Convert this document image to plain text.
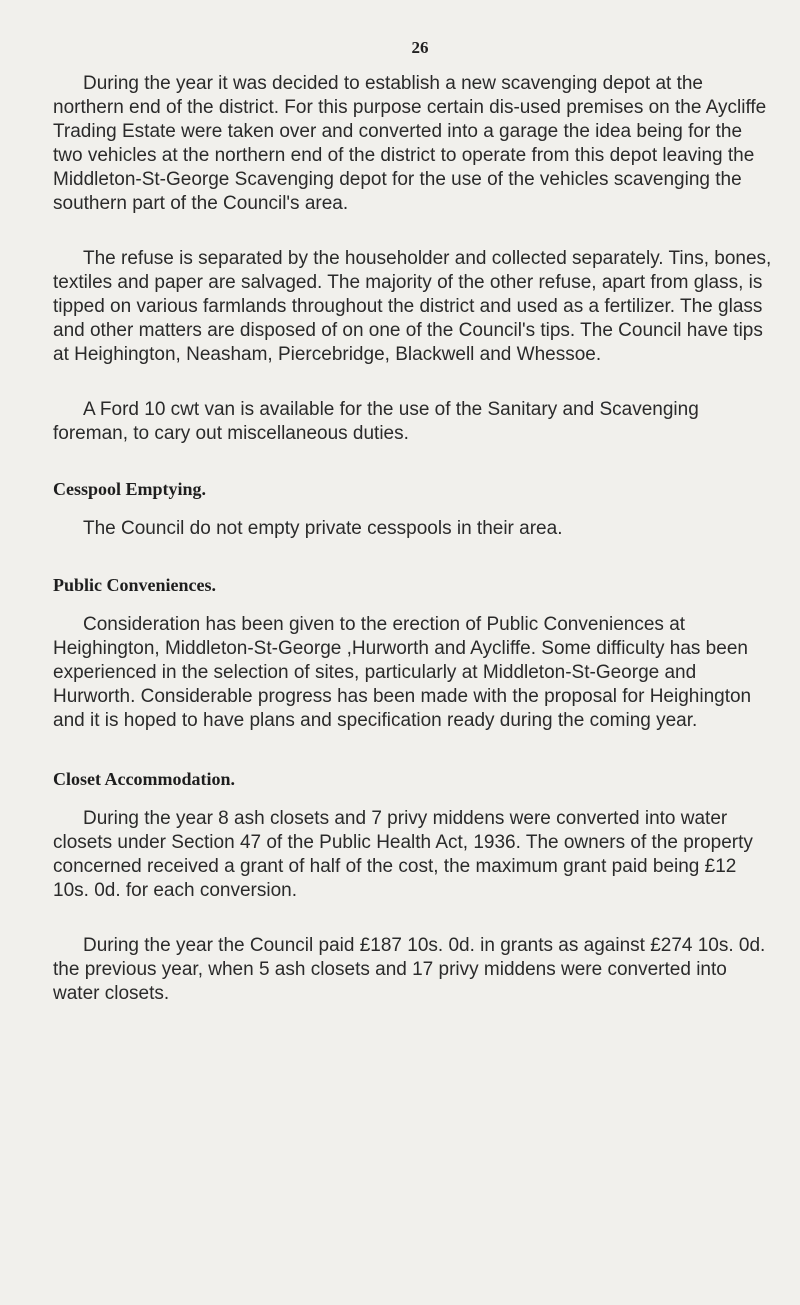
26

During the year it was decided to establish a new scavenging depot at the northern end of the district. For this purpose certain dis-used premises on the Aycliffe Trading Estate were taken over and converted into a garage the idea being for the two vehicles at the northern end of the district to operate from this depot leaving the Middleton-St-George Scavenging depot for the use of the vehicles scavenging the southern part of the Council's area.

The refuse is separated by the householder and collected separately. Tins, bones, textiles and paper are salvaged. The majority of the other refuse, apart from glass, is tipped on various farmlands throughout the district and used as a fertilizer. The glass and other matters are disposed of on one of the Council's tips. The Council have tips at Heighington, Neasham, Piercebridge, Blackwell and Whessoe.

A Ford 10 cwt van is available for the use of the Sanitary and Scavenging foreman, to cary out miscellaneous duties.

Cesspool Emptying.

The Council do not empty private cesspools in their area.

Public Conveniences.

Consideration has been given to the erection of Public Conveniences at Heighington, Middleton-St-George ,Hurworth and Aycliffe. Some difficulty has been experienced in the selection of sites, particularly at Middleton-St-George and Hurworth. Considerable progress has been made with the proposal for Heighington and it is hoped to have plans and specification ready during the coming year.

Closet Accommodation.

During the year 8 ash closets and 7 privy middens were converted into water closets under Section 47 of the Public Health Act, 1936. The owners of the property concerned received a grant of half of the cost, the maximum grant paid being £12 10s. 0d. for each conversion.

During the year the Council paid £187 10s. 0d. in grants as against £274 10s. 0d. the previous year, when 5 ash closets and 17 privy middens were converted into water closets.
